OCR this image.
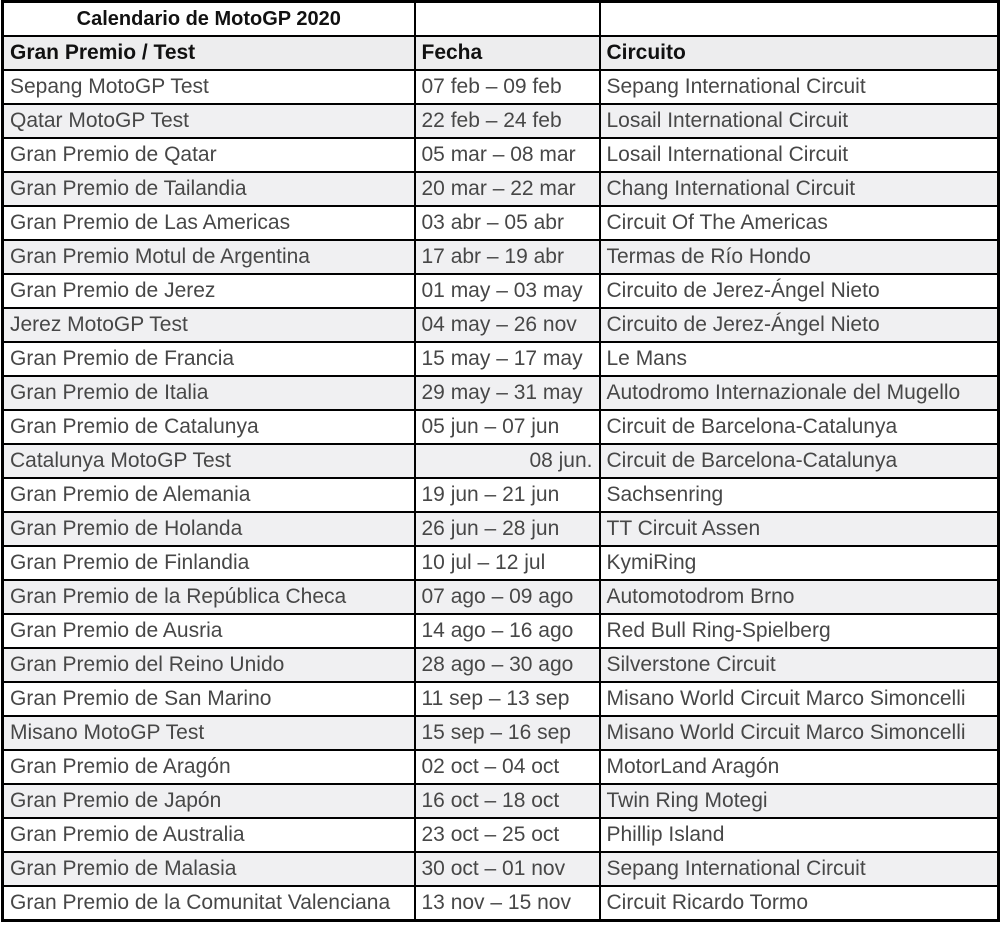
Calendario de MotoGP 2020		
Gran Premio / Test	Fecha	Circuito
Sepang MotoGP Test	07 feb – 09 feb	Sepang International Circuit
Qatar MotoGP Test	22 feb – 24 feb	Losail International Circuit
Gran Premio de Qatar	05 mar – 08 mar	Losail International Circuit
Gran Premio de Tailandia	20 mar – 22 mar	Chang International Circuit
Gran Premio de Las Americas	03 abr – 05 abr	Circuit Of The Americas
Gran Premio Motul de Argentina	17 abr – 19 abr	Termas de Río Hondo
Gran Premio de Jerez	01 may – 03 may	Circuito de Jerez-Ángel Nieto
Jerez MotoGP Test	04 may – 26 nov	Circuito de Jerez-Ángel Nieto
Gran Premio de Francia	15 may – 17 may	Le Mans
Gran Premio de Italia	29 may – 31 may	Autodromo Internazionale del Mugello
Gran Premio de Catalunya	05 jun – 07 jun	Circuit de Barcelona-Catalunya
Catalunya MotoGP Test	08 jun.	Circuit de Barcelona-Catalunya
Gran Premio de Alemania	19 jun – 21 jun	Sachsenring
Gran Premio de Holanda	26 jun – 28 jun	TT Circuit Assen
Gran Premio de Finlandia	10 jul – 12 jul	KymiRing
Gran Premio de la República Checa	07 ago – 09 ago	Automotodrom Brno
Gran Premio de Ausria	14 ago – 16 ago	Red Bull Ring-Spielberg
Gran Premio del Reino Unido	28 ago – 30 ago	Silverstone Circuit
Gran Premio de San Marino	11 sep – 13 sep	Misano World Circuit Marco Simoncelli
Misano MotoGP Test	15 sep – 16 sep	Misano World Circuit Marco Simoncelli
Gran Premio de Aragón	02 oct – 04 oct	MotorLand Aragón
Gran Premio de Japón	16 oct – 18 oct	Twin Ring Motegi
Gran Premio de Australia	23 oct – 25 oct	Phillip Island
Gran Premio de Malasia	30 oct – 01 nov	Sepang International Circuit
Gran Premio de la Comunitat Valenciana	13 nov – 15 nov	Circuit Ricardo Tormo
